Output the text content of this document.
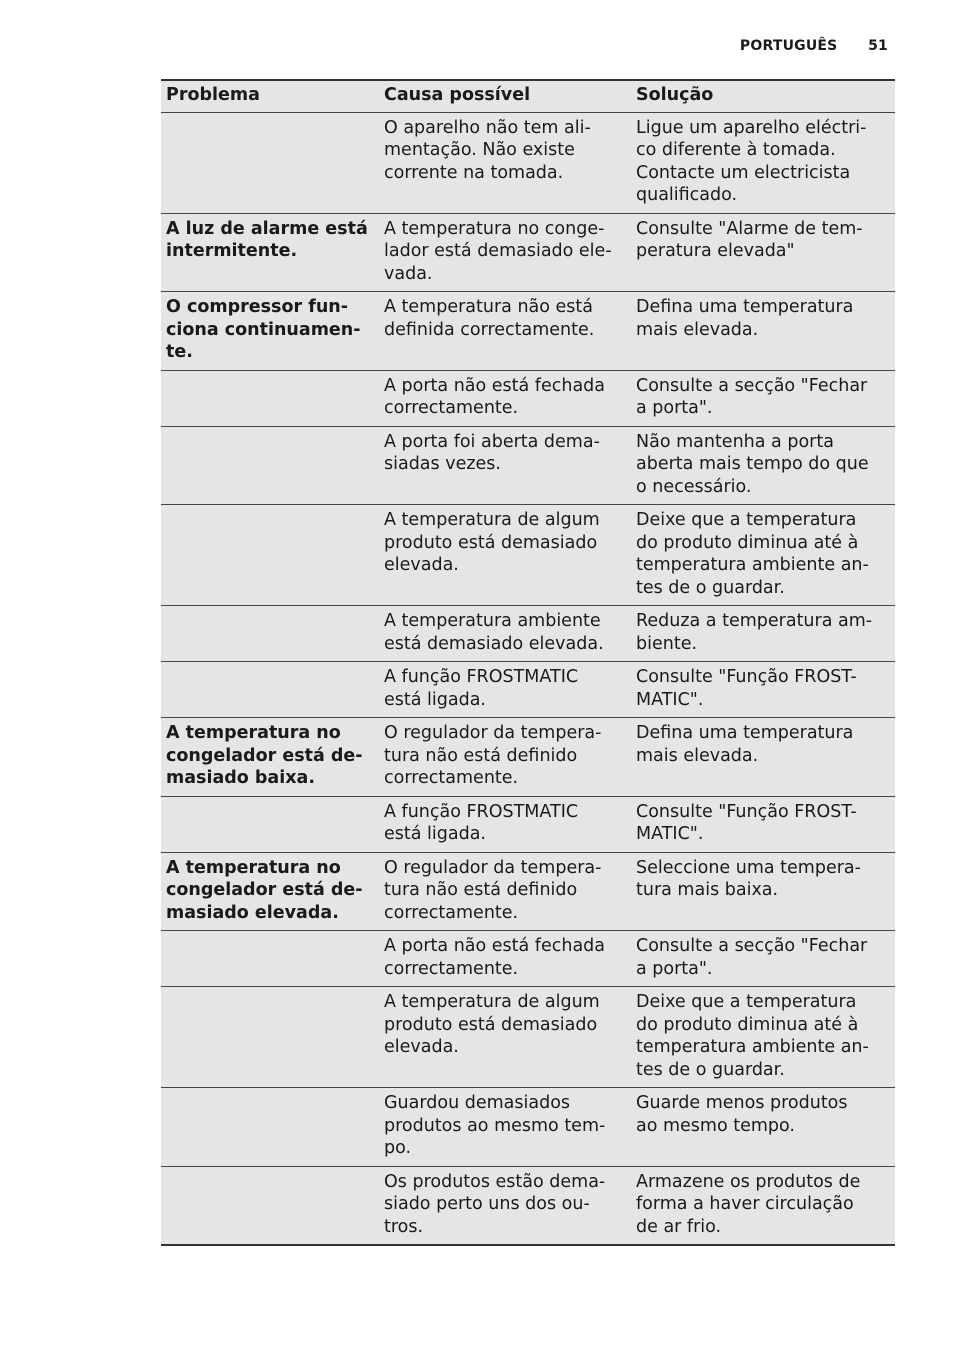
PORTUGUÊS 51
Problema	Causa possível	Solução

	O aparelho não tem ali-
mentação. Não existe
corrente na tomada.	Ligue um aparelho eléctri-
co diferente à tomada.
Contacte um electricista
qualificado.

A luz de alarme está
intermitente.	A temperatura no conge-
lador está demasiado ele-
vada.	Consulte "Alarme de tem-
peratura elevada"

O compressor fun-
ciona continuamen-
te.	A temperatura não está
definida correctamente.	Defina uma temperatura
mais elevada.

	A porta não está fechada
correctamente.	Consulte a secção "Fechar
a porta".

	A porta foi aberta dema-
siadas vezes.	Não mantenha a porta
aberta mais tempo do que
o necessário.

	A temperatura de algum
produto está demasiado
elevada.	Deixe que a temperatura
do produto diminua até à
temperatura ambiente an-
tes de o guardar.

	A temperatura ambiente
está demasiado elevada.	Reduza a temperatura am-
biente.

	A função FROSTMATIC
está ligada.	Consulte "Função FROST-
MATIC".

A temperatura no
congelador está de-
masiado baixa.	O regulador da tempera-
tura não está definido
correctamente.	Defina uma temperatura
mais elevada.

	A função FROSTMATIC
está ligada.	Consulte "Função FROST-
MATIC".

A temperatura no
congelador está de-
masiado elevada.	O regulador da tempera-
tura não está definido
correctamente.	Seleccione uma tempera-
tura mais baixa.

	A porta não está fechada
correctamente.	Consulte a secção "Fechar
a porta".

	A temperatura de algum
produto está demasiado
elevada.	Deixe que a temperatura
do produto diminua até à
temperatura ambiente an-
tes de o guardar.

	Guardou demasiados
produtos ao mesmo tem-
po.	Guarde menos produtos
ao mesmo tempo.

	Os produtos estão dema-
siado perto uns dos ou-
tros.	Armazene os produtos de
forma a haver circulação
de ar frio.
